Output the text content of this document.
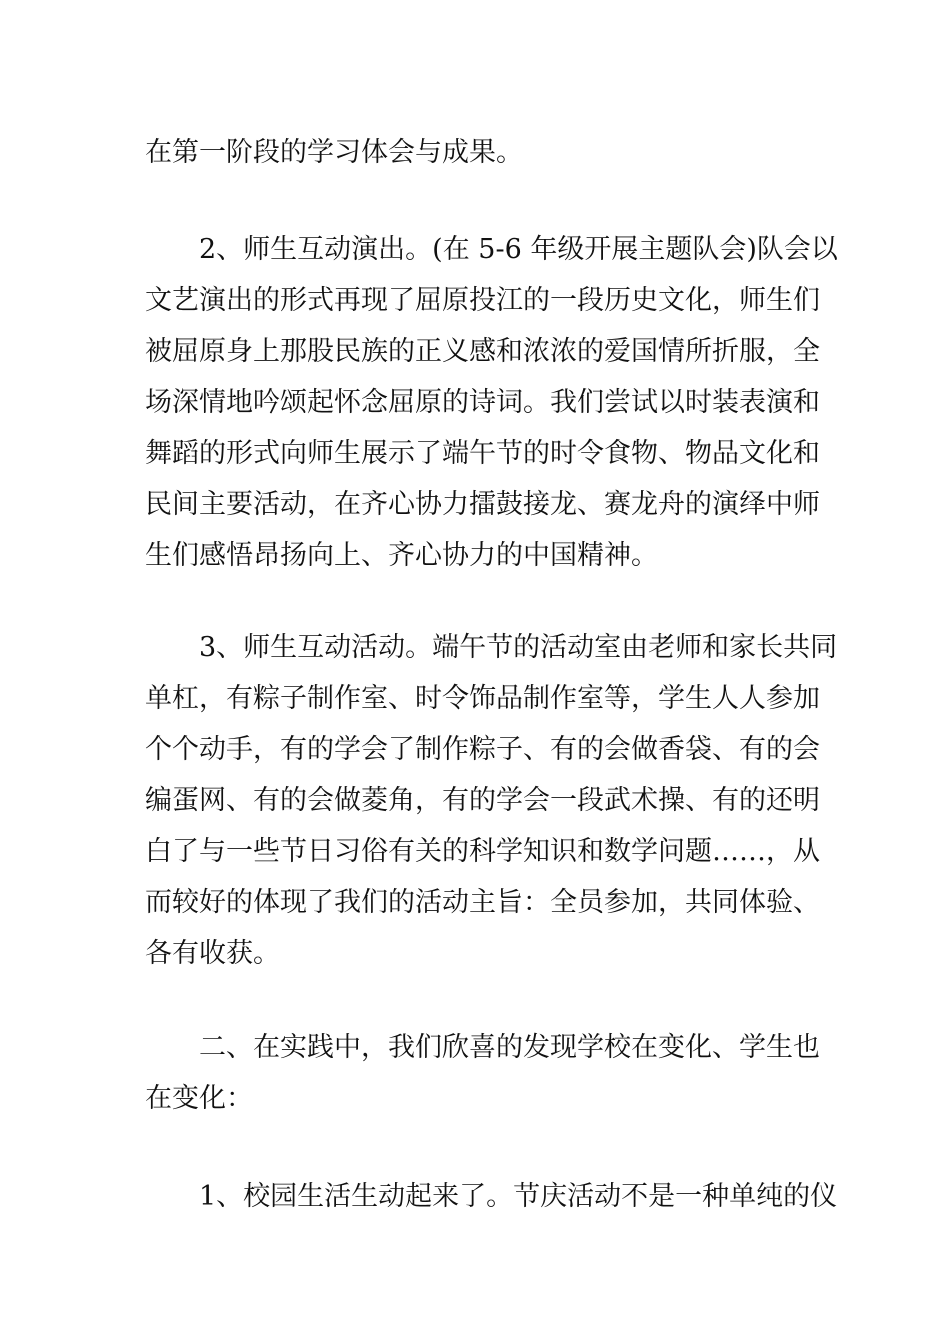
在第一阶段的学习体会与成果。
2、师生互动演出。(在 5-6 年级开展主题队会)队会以
文艺演出的形式再现了屈原投江的一段历史文化，师生们
被屈原身上那股民族的正义感和浓浓的爱国情所折服，全
场深情地吟颂起怀念屈原的诗词。我们尝试以时装表演和
舞蹈的形式向师生展示了端午节的时令食物、物品文化和
民间主要活动，在齐心协力擂鼓接龙、赛龙舟的演绎中师
生们感悟昂扬向上、齐心协力的中国精神。
3、师生互动活动。端午节的活动室由老师和家长共同
单杠，有粽子制作室、时令饰品制作室等，学生人人参加
个个动手，有的学会了制作粽子、有的会做香袋、有的会
编蛋网、有的会做菱角，有的学会一段武术操、有的还明
白了与一些节日习俗有关的科学知识和数学问题……，从
而较好的体现了我们的活动主旨：全员参加，共同体验、
各有收获。
二、在实践中，我们欣喜的发现学校在变化、学生也
在变化：
1、校园生活生动起来了。节庆活动不是一种单纯的仪
